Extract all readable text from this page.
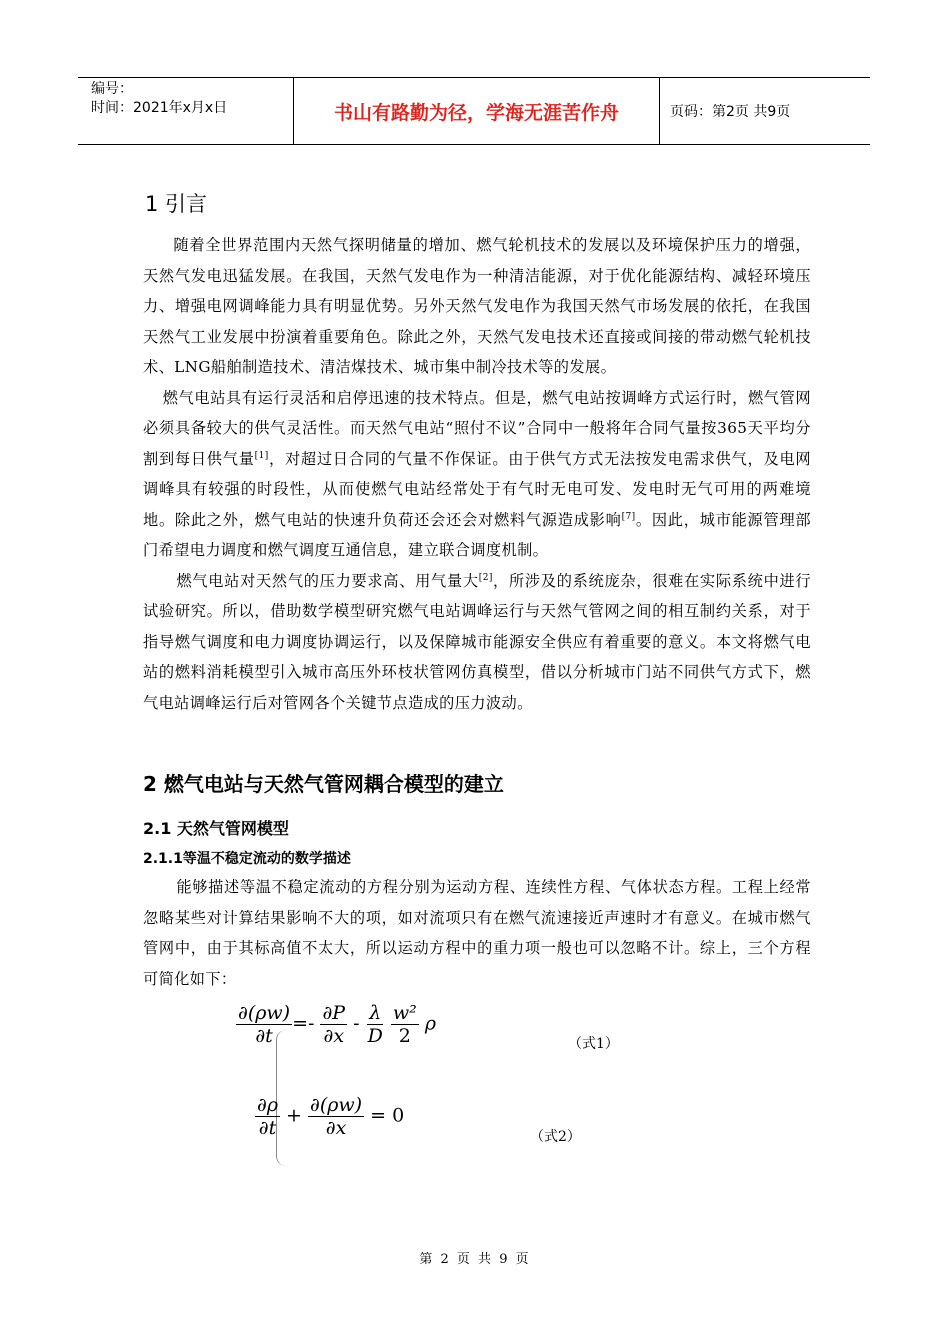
编号：
时间：2021年x月x日	书山有路勤为径，学海无涯苦作舟	页码：第2页 共9页
1 引言

随着全世界范围内天然气探明储量的增加、燃气轮机技术的发展以及环境保护压力的增强，天然气发电迅猛发展。在我国，天然气发电作为一种清洁能源，对于优化能源结构、减轻环境压力、增强电网调峰能力具有明显优势。另外天然气发电作为我国天然气市场发展的依托，在我国天然气工业发展中扮演着重要角色。除此之外，天然气发电技术还直接或间接的带动燃气轮机技术、LNG船舶制造技术、清洁煤技术、城市集中制冷技术等的发展。

燃气电站具有运行灵活和启停迅速的技术特点。但是，燃气电站按调峰方式运行时，燃气管网必须具备较大的供气灵活性。而天然气电站“照付不议”合同中一般将年合同气量按365天平均分割到每日供气量[1]，对超过日合同的气量不作保证。由于供气方式无法按发电需求供气，及电网调峰具有较强的时段性，从而使燃气电站经常处于有气时无电可发、发电时无气可用的两难境地。除此之外，燃气电站的快速升负荷还会还会对燃料气源造成影响[7]。因此，城市能源管理部门希望电力调度和燃气调度互通信息，建立联合调度机制。

燃气电站对天然气的压力要求高、用气量大[2]，所涉及的系统庞杂，很难在实际系统中进行试验研究。所以，借助数学模型研究燃气电站调峰运行与天然气管网之间的相互制约关系，对于指导燃气调度和电力调度协调运行，以及保障城市能源安全供应有着重要的意义。本文将燃气电站的燃料消耗模型引入城市高压外环枝状管网仿真模型，借以分析城市门站不同供气方式下，燃气电站调峰运行后对管网各个关键节点造成的压力波动。

2 燃气电站与天然气管网耦合模型的建立
2.1 天然气管网模型
2.1.1等温不稳定流动的数学描述

能够描述等温不稳定流动的方程分别为运动方程、连续性方程、气体状态方程。工程上经常忽略某些对计算结果影响不大的项，如对流项只有在燃气流速接近声速时才有意义。在城市燃气管网中，由于其标高值不太大，所以运动方程中的重力项一般也可以忽略不计。综上，三个方程可简化如下：

$\frac{\partial(\rho w)}{\partial t} =- \frac{\partial P}{\partial x} - \frac{\lambda}{D}$
$\frac{\text{w²}}{2}$ ρ
（式1）
$\frac{\partial\rho}{\partial t} + \frac{\partial(\rho w)}{\partial x} = 0$
（式2）
第 2 页 共 9 页
